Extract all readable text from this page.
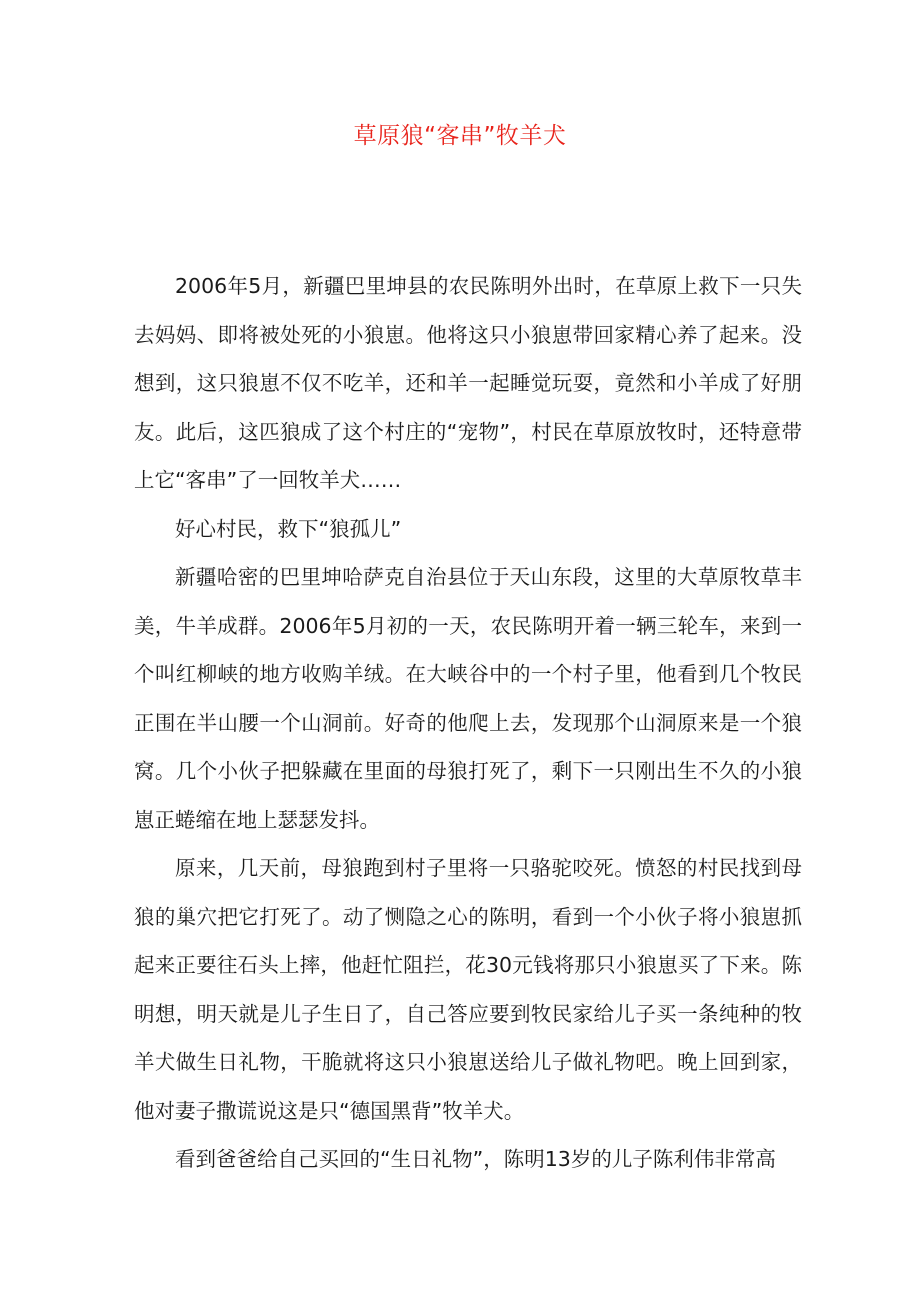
草原狼“客串”牧羊犬

2006年5月，新疆巴里坤县的农民陈明外出时，在草原上救下一只失去妈妈、即将被处死的小狼崽。他将这只小狼崽带回家精心养了起来。没想到，这只狼崽不仅不吃羊，还和羊一起睡觉玩耍，竟然和小羊成了好朋友。此后，这匹狼成了这个村庄的“宠物”，村民在草原放牧时，还特意带上它“客串”了一回牧羊犬……

好心村民，救下“狼孤儿”

新疆哈密的巴里坤哈萨克自治县位于天山东段，这里的大草原牧草丰美，牛羊成群。2006年5月初的一天，农民陈明开着一辆三轮车，来到一个叫红柳峡的地方收购羊绒。在大峡谷中的一个村子里，他看到几个牧民正围在半山腰一个山洞前。好奇的他爬上去，发现那个山洞原来是一个狼窝。几个小伙子把躲藏在里面的母狼打死了，剩下一只刚出生不久的小狼崽正蜷缩在地上瑟瑟发抖。

原来，几天前，母狼跑到村子里将一只骆驼咬死。愤怒的村民找到母狼的巢穴把它打死了。动了恻隐之心的陈明，看到一个小伙子将小狼崽抓起来正要往石头上摔，他赶忙阻拦，花30元钱将那只小狼崽买了下来。陈明想，明天就是儿子生日了，自己答应要到牧民家给儿子买一条纯种的牧羊犬做生日礼物，干脆就将这只小狼崽送给儿子做礼物吧。晚上回到家，他对妻子撒谎说这是只“德国黑背”牧羊犬。

看到爸爸给自己买回的“生日礼物”，陈明13岁的儿子陈利伟非常高
